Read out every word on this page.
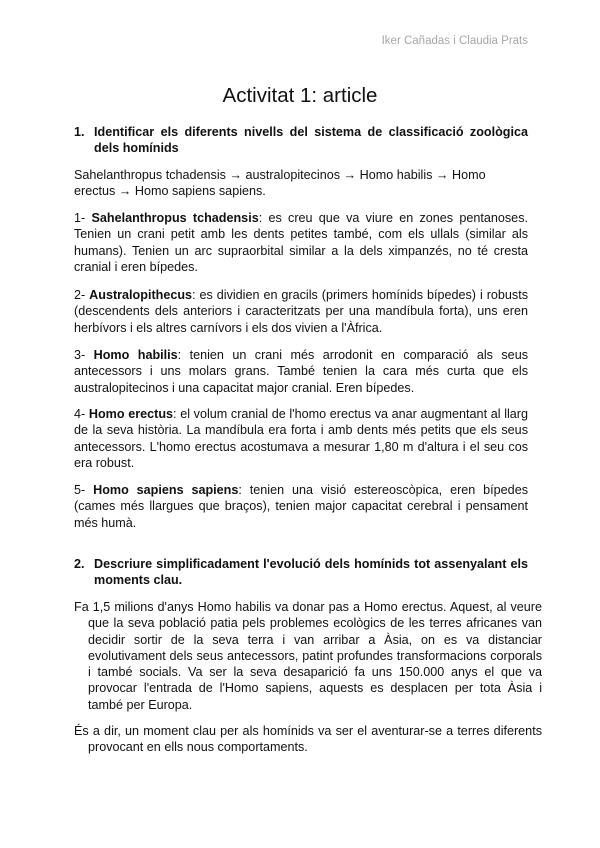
Iker Cañadas i Claudia Prats
Activitat 1: article
1. Identificar els diferents nivells del sistema de classificació zoològica dels homínids
Sahelanthropus tchadensis → australopitecinos → Homo habilis → Homo erectus → Homo sapiens sapiens.
1- Sahelanthropus tchadensis: es creu que va viure en zones pentanoses. Tenien un crani petit amb les dents petites també, com els ullals (similar als humans). Tenien un arc supraorbital similar a la dels ximpanzés, no té cresta cranial i eren bípedes.
2- Australopithecus: es dividien en gracils (primers homínids bípedes) i robusts (descendents dels anteriors i caracteritzats per una mandíbula forta), uns eren herbívors i els altres carnívors i els dos vivien a l'Àfrica.
3- Homo habilis: tenien un crani més arrodonit en comparació als seus antecessors i uns molars grans. També tenien la cara més curta que els australopitecinos i una capacitat major cranial. Eren bípedes.
4- Homo erectus: el volum cranial de l'homo erectus va anar augmentant al llarg de la seva història. La mandíbula era forta i amb dents més petits que els seus antecessors. L'homo erectus acostumava a mesurar 1,80 m d'altura i el seu cos era robust.
5- Homo sapiens sapiens: tenien una visió estereoscòpica, eren bípedes (cames més llargues que braços), tenien major capacitat cerebral i pensament més humà.
2. Descriure simplificadament l'evolució dels homínids tot assenyalant els moments clau.
Fa 1,5 milions d'anys Homo habilis va donar pas a Homo erectus. Aquest, al veure que la seva població patia pels problemes ecològics de les terres africanes van decidir sortir de la seva terra i van arribar a Àsia, on es va distanciar evolutivament dels seus antecessors, patint profundes transformacions corporals i també socials. Va ser la seva desaparició fa uns 150.000 anys el que va provocar l'entrada de l'Homo sapiens, aquests es desplacen per tota Àsia i també per Europa.
És a dir, un moment clau per als homínids va ser el aventurar-se a terres diferents provocant en ells nous comportaments.
